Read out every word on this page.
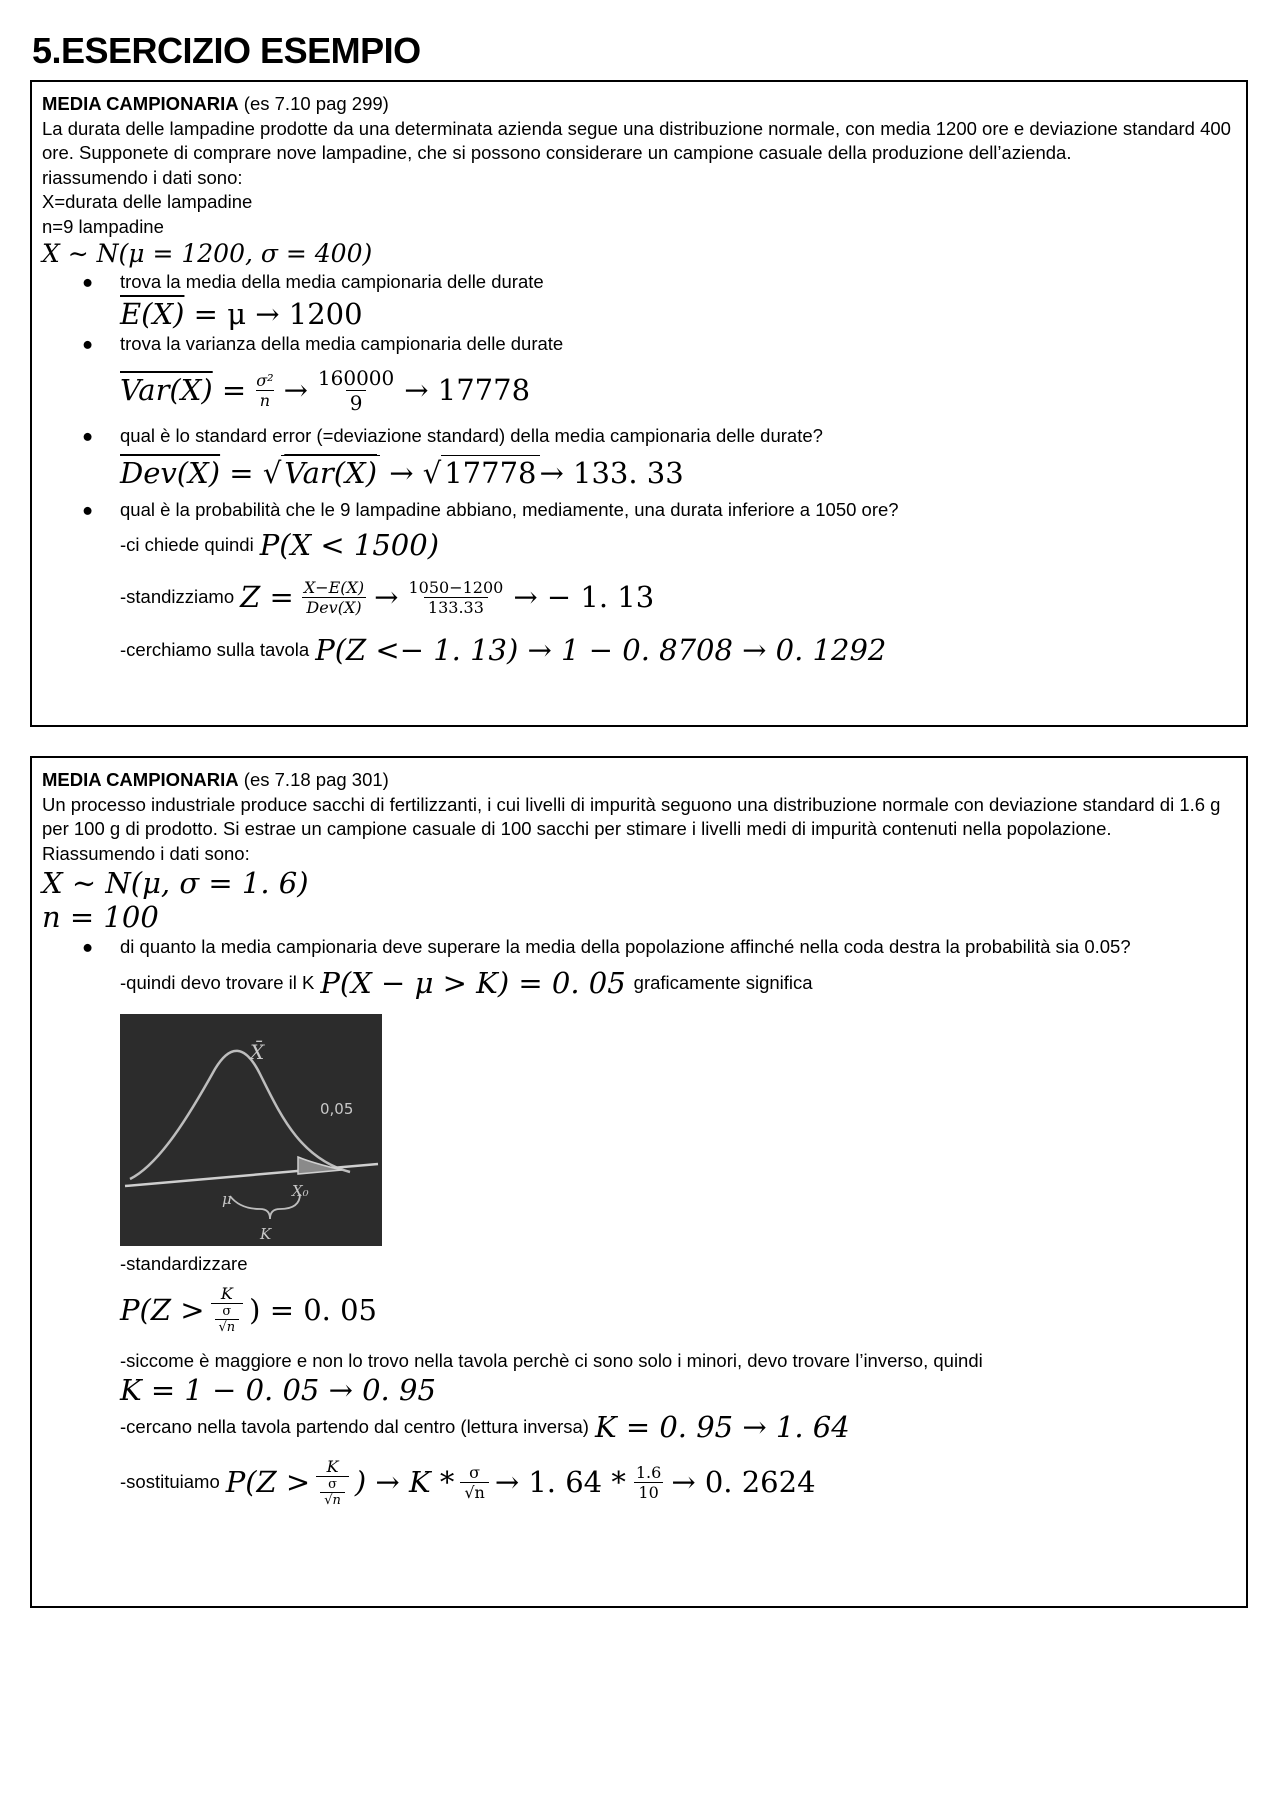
5.ESERCIZIO ESEMPIO
MEDIA CAMPIONARIA (es 7.10 pag 299)
La durata delle lampadine prodotte da una determinata azienda segue una distribuzione normale, con media 1200 ore e deviazione standard 400 ore. Supponete di comprare nove lampadine, che si possono considerare un campione casuale della produzione dell’azienda.
riassumendo i dati sono:
X=durata delle lampadine
n=9 lampadine
X ∼ N(μ = 1200, σ = 400)
● trova la media della media campionaria delle durate
E(X) = μ → 1200
● trova la varianza della media campionaria delle durate
$Var(X) = \frac{\text{σ²}}{n} \to \frac{160000}{9} \to 17778$
● qual è lo standard error (=deviazione standard) della media campionaria delle durate?
Dev(X) = √ Var(X) → √ 17778 → 133. 33
● qual è la probabilità che le 9 lampadine abbiano, mediamente, una durata inferiore a 1050 ore?
-ci chiede quindi P(X < 1500)
-standizziamo $Z = \frac{X-E(X)}{\text{Dev(X)}} \to \frac{1050-1200}{133.33}$ → − 1. 13
-cerchiamo sulla tavola P(Z <− 1. 13) → 1 − 0. 8708 → 0. 1292
MEDIA CAMPIONARIA (es 7.18 pag 301)
Un processo industriale produce sacchi di fertilizzanti, i cui livelli di impurità seguono una distribuzione normale con deviazione standard di 1.6 g per 100 g di prodotto. Si estrae un campione casuale di 100 sacchi per stimare i livelli medi di impurità contenuti nella popolazione.
Riassumendo i dati sono:
X ∼ N(μ, σ = 1. 6)
n = 100
● di quanto la media campionaria deve superare la media della popolazione affinché nella coda destra la probabilità sia 0.05?
-quindi devo trovare il K P(X − μ > K) = 0. 05 graficamente significa
X̄
0,05
μ	X₀
K
-standardizzare
$P(Z > \frac{K}{\frac{\sigma}{√n}}$ ) = 0. 05
-siccome è maggiore e non lo trovo nella tavola perchè ci sono solo i minori, devo trovare l’inverso, quindi
K = 1 − 0. 05 → 0. 95
-cercano nella tavola partendo dal centro (lettura inversa) K = 0. 95 → 1. 64
-sostituiamo $P(Z > \frac{K}{\frac{\sigma}{√n}}$ ) → $K * \frac{\sigma}{√n} \to 1$. $64 * \frac{1.6}{10} \to 0$. 2624
